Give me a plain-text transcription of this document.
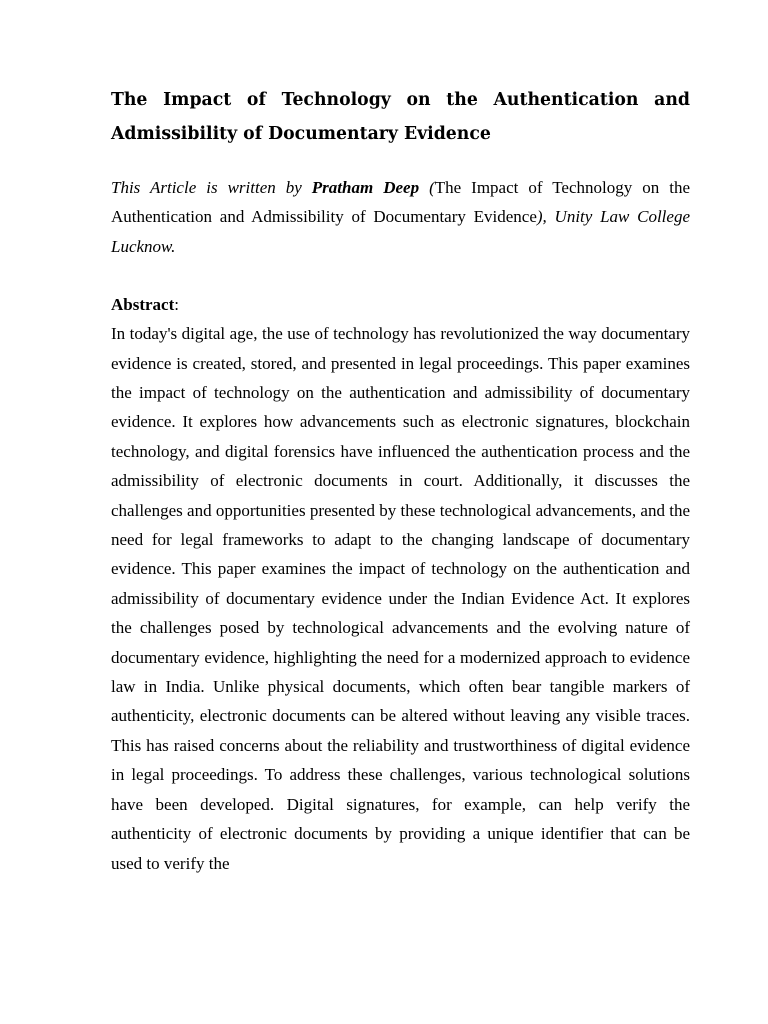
The Impact of Technology on the Authentication and
Admissibility of Documentary Evidence

This Article is written by Pratham Deep (The Impact of Technology on the Authentication and Admissibility of Documentary Evidence), Unity Law College Lucknow.

Abstract:

In today's digital age, the use of technology has revolutionized the way documentary evidence is created, stored, and presented in legal proceedings. This paper examines the impact of technology on the authentication and admissibility of documentary evidence. It explores how advancements such as electronic signatures, blockchain technology, and digital forensics have influenced the authentication process and the admissibility of electronic documents in court. Additionally, it discusses the challenges and opportunities presented by these technological advancements, and the need for legal frameworks to adapt to the changing landscape of documentary evidence. This paper examines the impact of technology on the authentication and admissibility of documentary evidence under the Indian Evidence Act. It explores the challenges posed by technological advancements and the evolving nature of documentary evidence, highlighting the need for a modernized approach to evidence law in India. Unlike physical documents, which often bear tangible markers of authenticity, electronic documents can be altered without leaving any visible traces. This has raised concerns about the reliability and trustworthiness of digital evidence in legal proceedings. To address these challenges, various technological solutions have been developed. Digital signatures, for example, can help verify the authenticity of electronic documents by providing a unique identifier that can be used to verify the
